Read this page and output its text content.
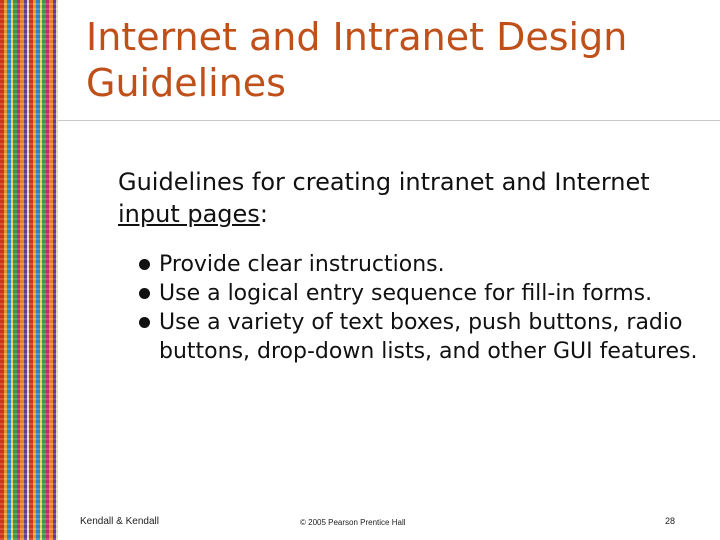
Internet and Intranet Design Guidelines

Guidelines for creating intranet and Internet input pages:

Provide clear instructions.
Use a logical entry sequence for fill-in forms.
Use a variety of text boxes, push buttons, radio buttons, drop-down lists, and other GUI features.
Kendall & Kendall	© 2005 Pearson Prentice Hall	28
